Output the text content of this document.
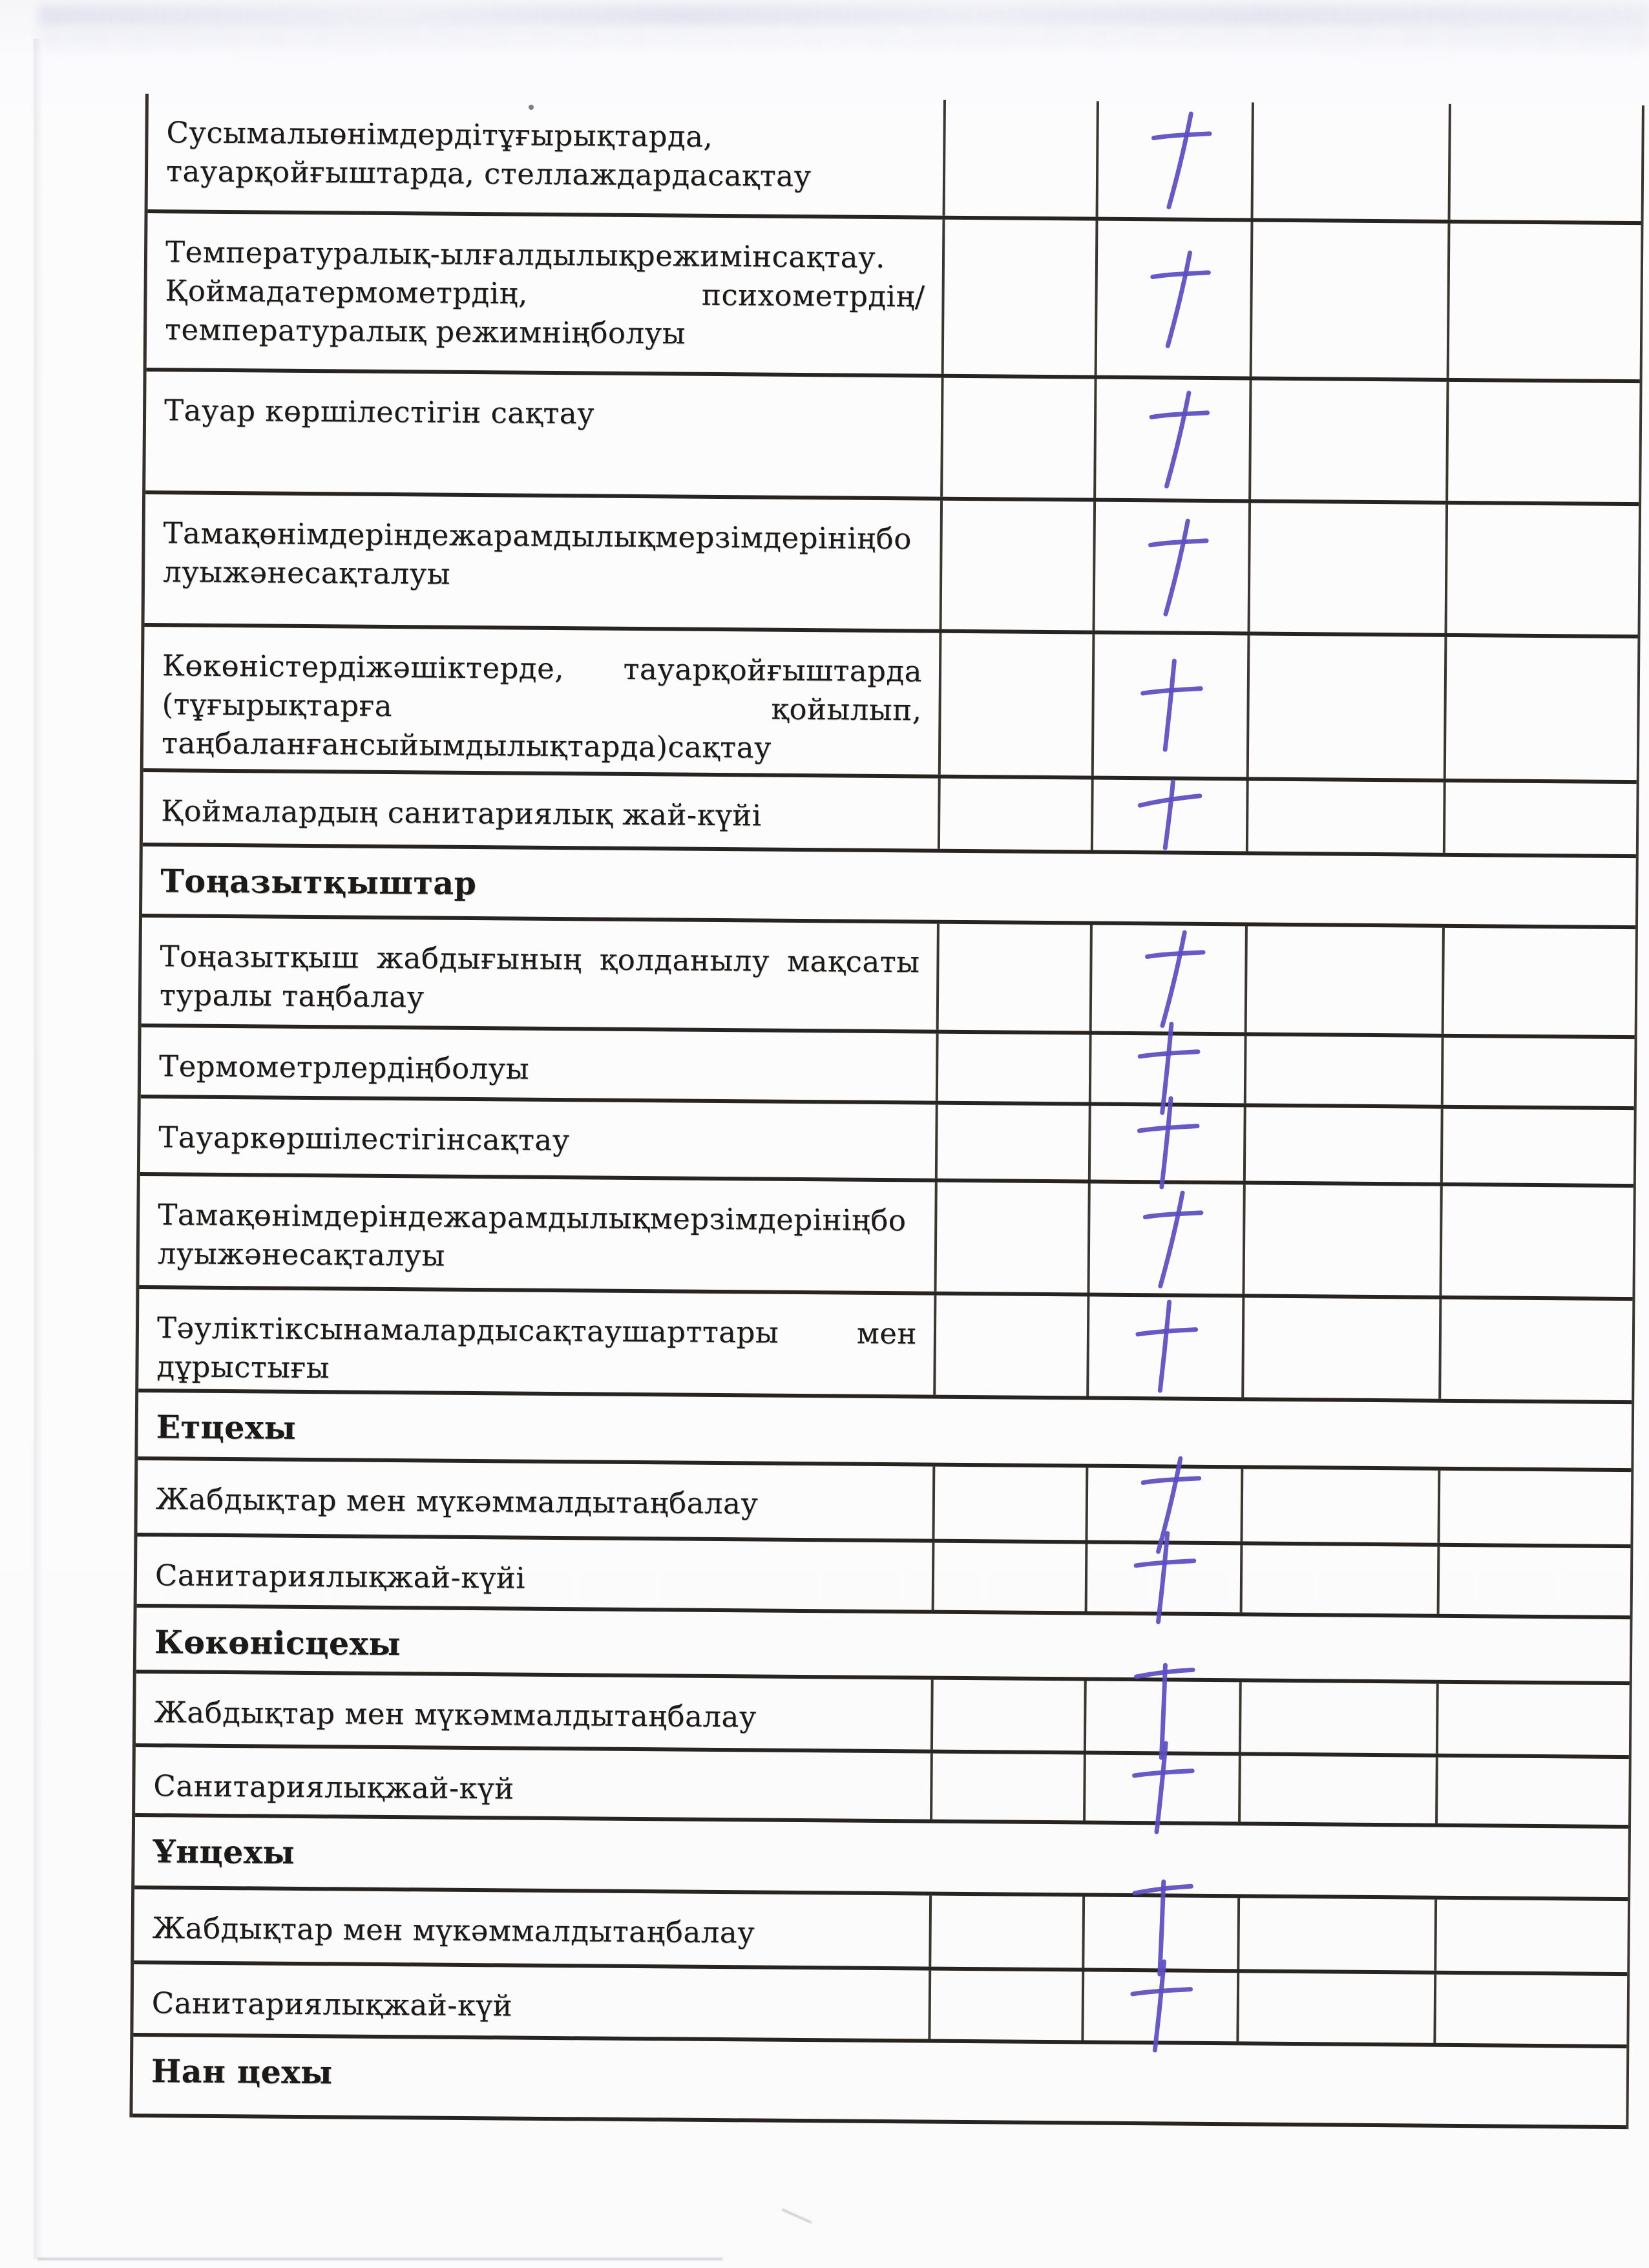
Сусымалыөнімдердітұғырықтарда, тауарқойғыштарда, стеллаждардасақтау
Температуралық-ылғалдылықрежимінсақтау. Қоймадатермометрдің, психометрдің/температуралық режимніңболуы
Тауар көршілестігін сақтау
Тамақөнімдеріндежарамдылықмерзімдерініңболуыжәнесақталуы
Көкөністердіжәшіктерде, тауарқойғыштарда (тұғырықтарға қойылып, таңбаланғансыйымдылықтарда)сақтау
Қоймалардың санитариялық жай-күйі
Тоңазытқыштар
Тоңазытқыш жабдығының қолданылу мақсаты туралы таңбалау
Термометрлердіңболуы
Тауаркөршілестігінсақтау
Тамақөнімдеріндежарамдылықмерзімдерініңболуыжәнесақталуы
Тәуліктіксынамалардысақтаушарттары мен дұрыстығы
Етцехы
Жабдықтар мен мүкәммалдытаңбалау
Санитариялықжай-күйі
Көкөнісцехы
Жабдықтар мен мүкәммалдытаңбалау
Санитариялықжай-күй
Ұнцехы
Жабдықтар мен мүкәммалдытаңбалау
Санитариялықжай-күй
Нан цехы
